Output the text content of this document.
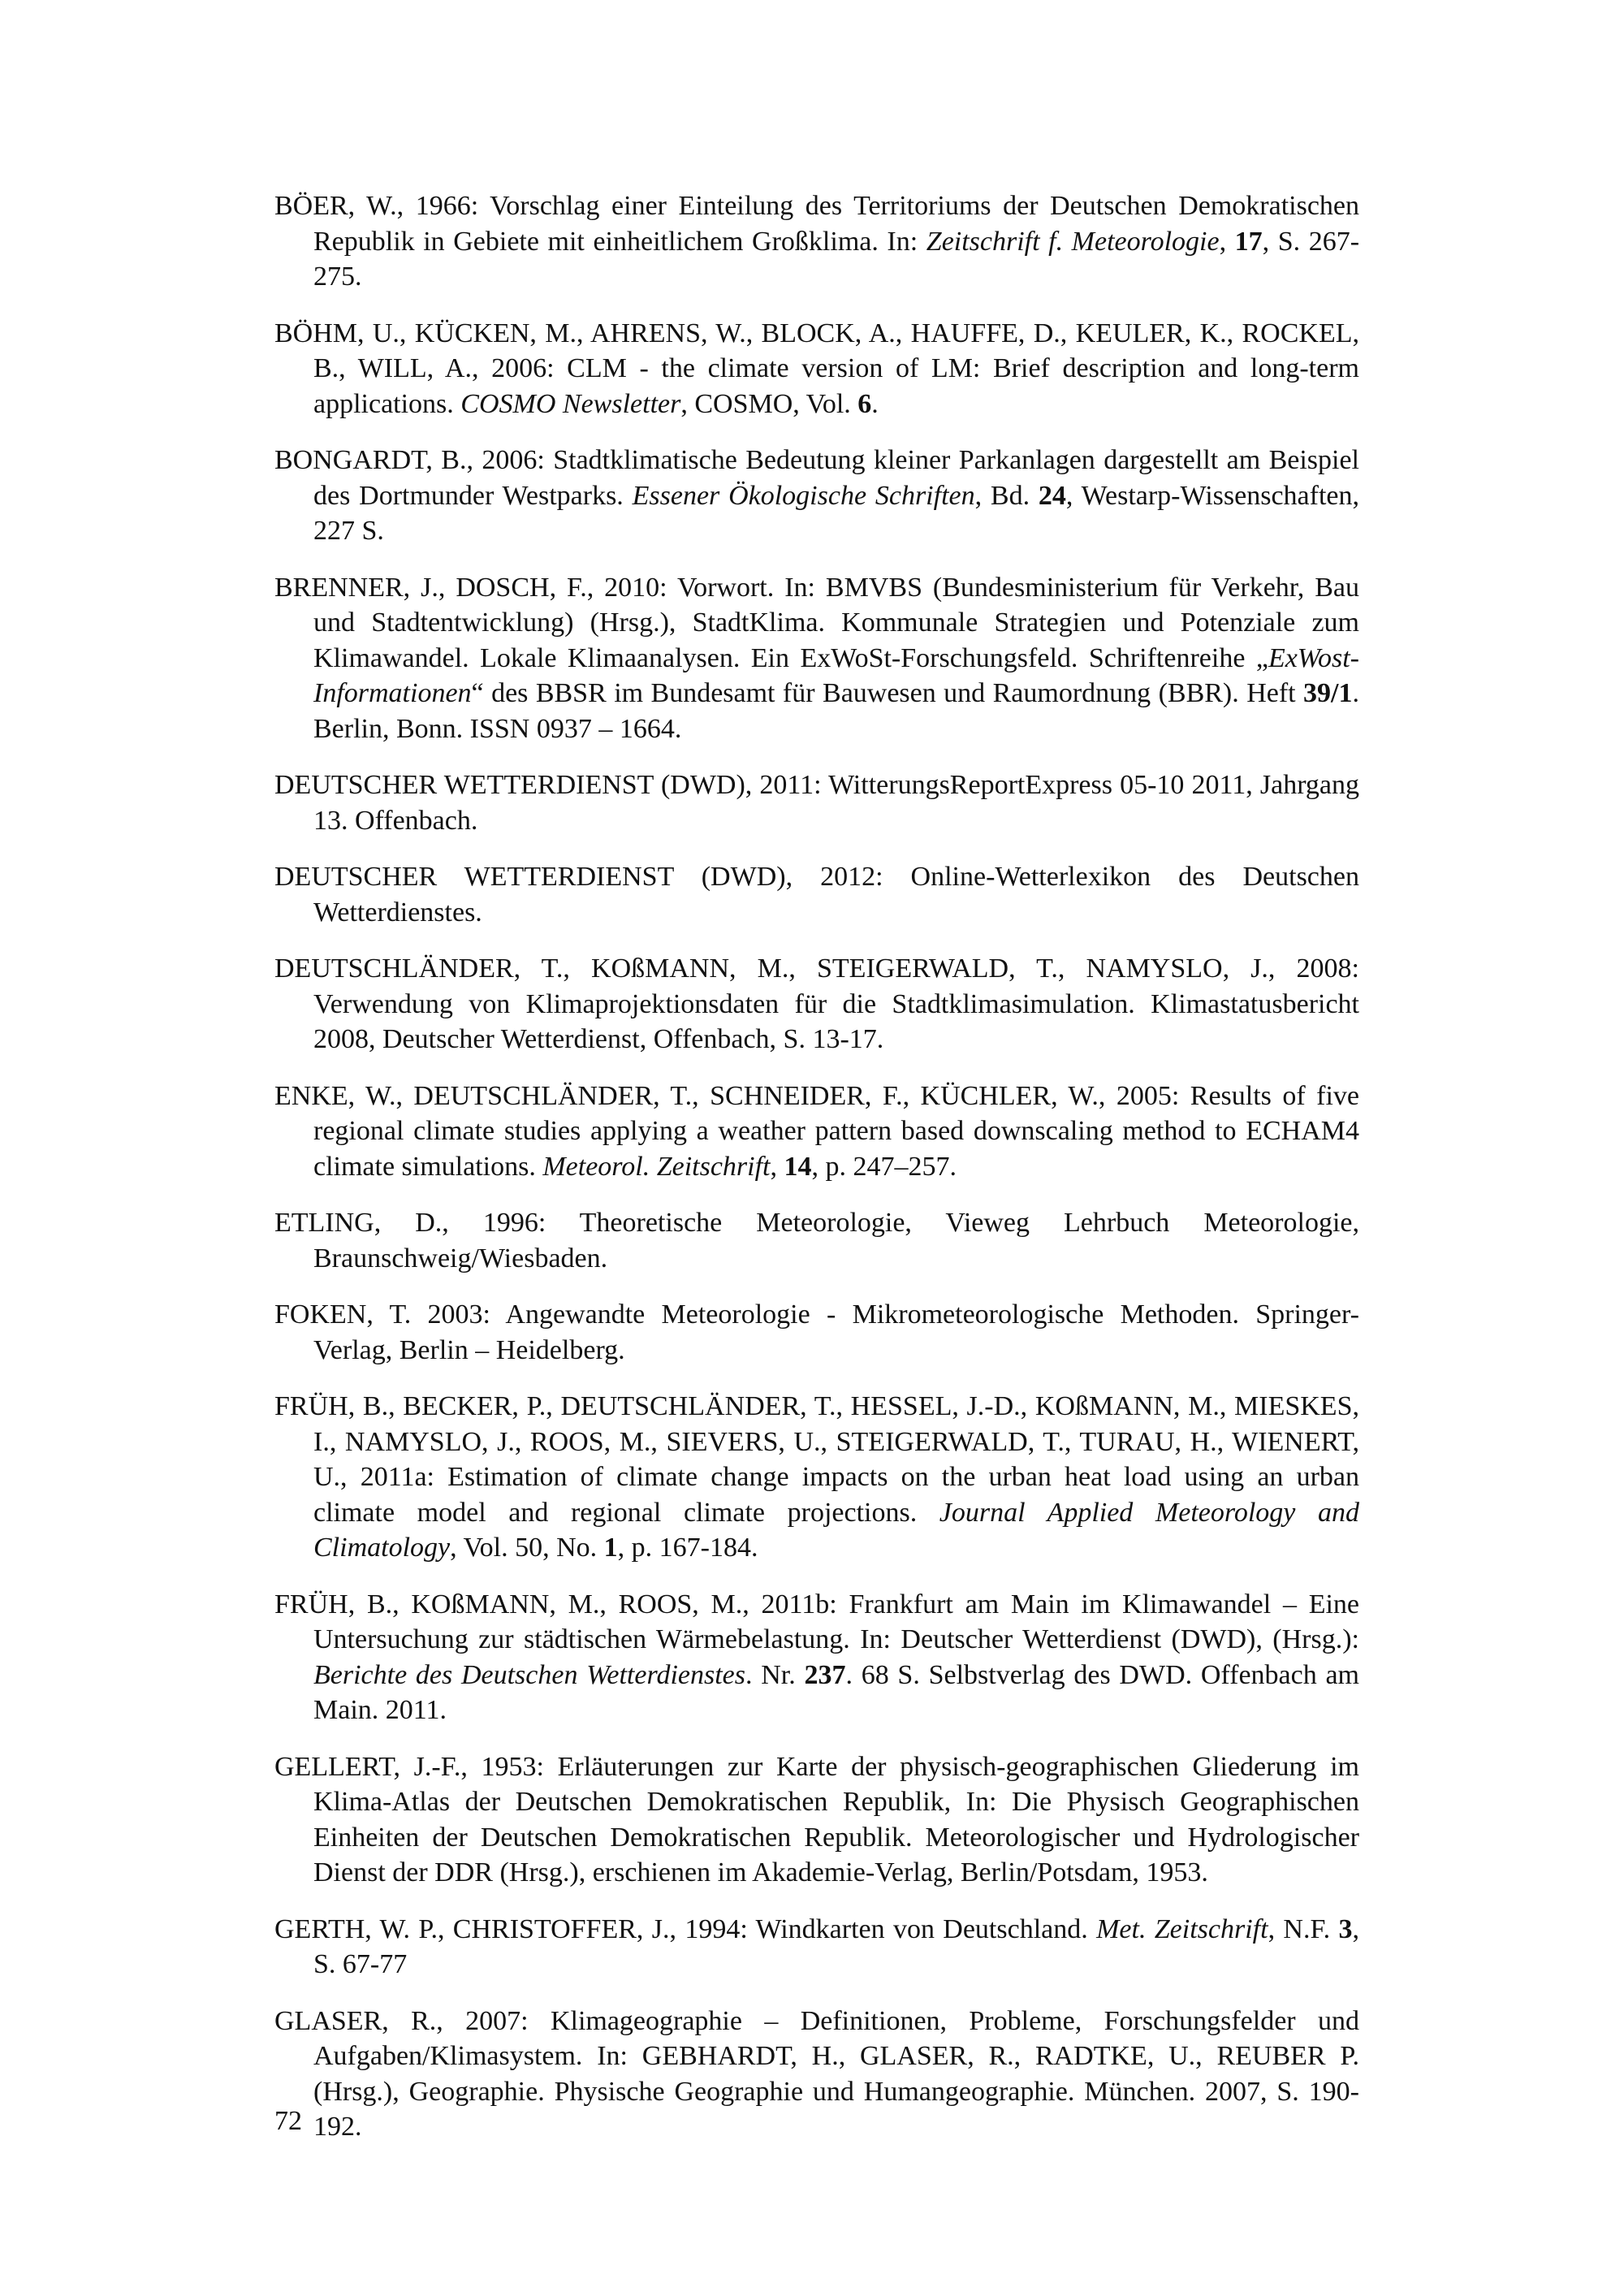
BÖER, W., 1966: Vorschlag einer Einteilung des Territoriums der Deutschen Demokratischen Republik in Gebiete mit einheitlichem Großklima. In: Zeitschrift f. Meteorologie, 17, S. 267-275.

BÖHM, U., KÜCKEN, M., AHRENS, W., BLOCK, A., HAUFFE, D., KEULER, K., ROCKEL, B., WILL, A., 2006: CLM - the climate version of LM: Brief description and long-term applications. COSMO Newsletter, COSMO, Vol. 6.

BONGARDT, B., 2006: Stadtklimatische Bedeutung kleiner Parkanlagen dargestellt am Beispiel des Dortmunder Westparks. Essener Ökologische Schriften, Bd. 24, Westarp-Wissenschaften, 227 S.

BRENNER, J., DOSCH, F., 2010: Vorwort. In: BMVBS (Bundesministerium für Verkehr, Bau und Stadtentwicklung) (Hrsg.), StadtKlima. Kommunale Strategien und Potenziale zum Klimawandel. Lokale Klimaanalysen. Ein ExWoSt-Forschungsfeld. Schriftenreihe „ExWost-Informationen“ des BBSR im Bundesamt für Bauwesen und Raumordnung (BBR). Heft 39/1. Berlin, Bonn. ISSN 0937 – 1664.

DEUTSCHER WETTERDIENST (DWD), 2011: WitterungsReportExpress 05-10 2011, Jahrgang 13. Offenbach.

DEUTSCHER WETTERDIENST (DWD), 2012: Online-Wetterlexikon des Deutschen Wetterdienstes.

DEUTSCHLÄNDER, T., KOßMANN, M., STEIGERWALD, T., NAMYSLO, J., 2008: Verwendung von Klimaprojektionsdaten für die Stadtklimasimulation. Klimastatusbericht 2008, Deutscher Wetterdienst, Offenbach, S. 13-17.

ENKE, W., DEUTSCHLÄNDER, T., SCHNEIDER, F., KÜCHLER, W., 2005: Results of five regional climate studies applying a weather pattern based downscaling method to ECHAM4 climate simulations. Meteorol. Zeitschrift, 14, p. 247–257.

ETLING, D., 1996: Theoretische Meteorologie, Vieweg Lehrbuch Meteorologie, Braunschweig/Wiesbaden.

FOKEN, T. 2003: Angewandte Meteorologie - Mikrometeorologische Methoden. Springer-Verlag, Berlin – Heidelberg.

FRÜH, B., BECKER, P., DEUTSCHLÄNDER, T., HESSEL, J.-D., KOßMANN, M., MIESKES, I., NAMYSLO, J., ROOS, M., SIEVERS, U., STEIGERWALD, T., TURAU, H., WIENERT, U., 2011a: Estimation of climate change impacts on the urban heat load using an urban climate model and regional climate projections. Journal Applied Meteorology and Climatology, Vol. 50, No. 1, p. 167-184.

FRÜH, B., KOßMANN, M., ROOS, M., 2011b: Frankfurt am Main im Klimawandel – Eine Untersuchung zur städtischen Wärmebelastung. In: Deutscher Wetterdienst (DWD), (Hrsg.): Berichte des Deutschen Wetterdienstes. Nr. 237. 68 S. Selbstverlag des DWD. Offenbach am Main. 2011.

GELLERT, J.-F., 1953: Erläuterungen zur Karte der physisch-geographischen Gliederung im Klima-Atlas der Deutschen Demokratischen Republik, In: Die Physisch Geographischen Einheiten der Deutschen Demokratischen Republik. Meteorologischer und Hydrologischer Dienst der DDR (Hrsg.), erschienen im Akademie-Verlag, Berlin/Potsdam, 1953.

GERTH, W. P., CHRISTOFFER, J., 1994: Windkarten von Deutschland. Met. Zeitschrift, N.F. 3, S. 67-77

GLASER, R., 2007: Klimageographie – Definitionen, Probleme, Forschungsfelder und Aufgaben/Klimasystem. In: GEBHARDT, H., GLASER, R., RADTKE, U., REUBER P. (Hrsg.), Geographie. Physische Geographie und Humangeographie. München. 2007, S. 190-192.

72
